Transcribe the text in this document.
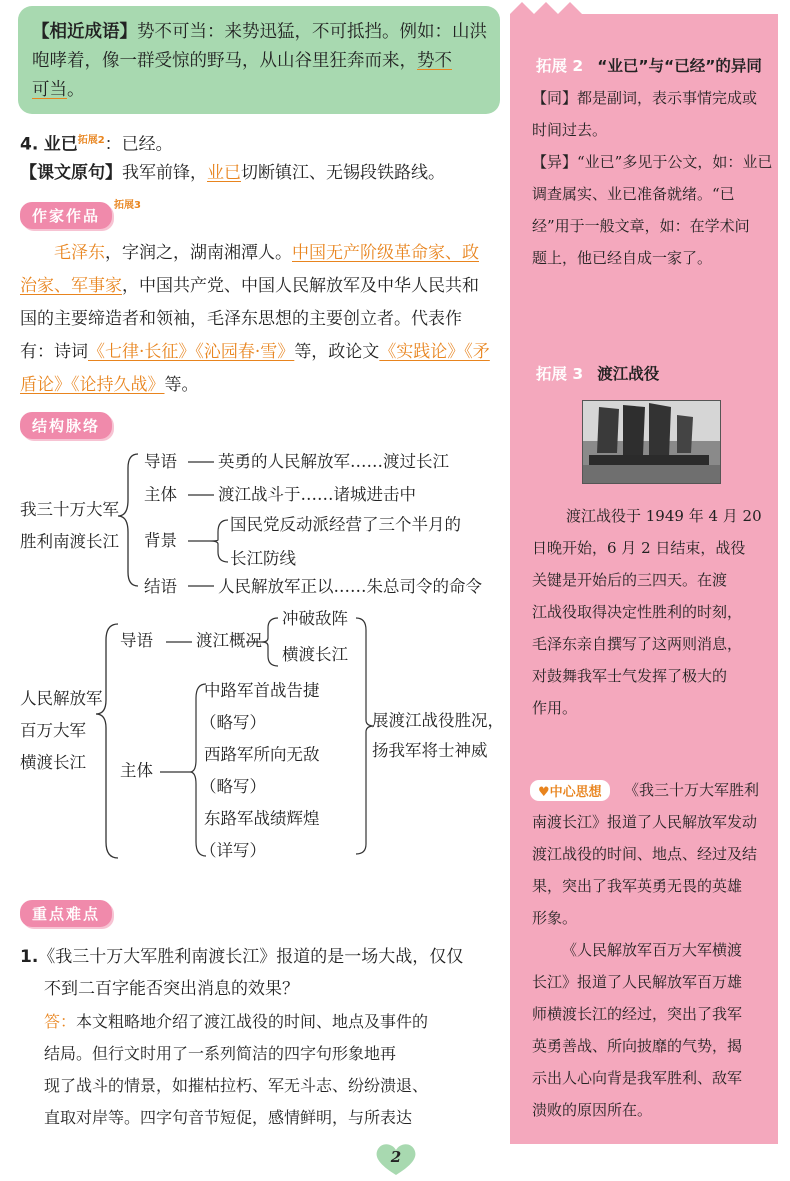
【相近成语】势不可当：来势迅猛，不可抵挡。例如：山洪
咆哮着，像一群受惊的野马，从山谷里狂奔而来，势不
可当。
4. 业已$^{拓展2}$：已经。
【课文原句】我军前锋，业已切断镇江、无锡段铁路线。
作家作品
拓展3
毛泽东，字润之，湖南湘潭人。中国无产阶级革命家、政
治家、军事家，中国共产党、中国人民解放军及中华人民共和
国的主要缔造者和领袖，毛泽东思想的主要创立者。代表作
有：诗词《七律·长征》《沁园春·雪》等，政论文《实践论》《矛
盾论》《论持久战》等。
结构脉络
我三十万大军
胜利南渡长江
导语 英勇的人民解放军……渡过长江
主体 渡江战斗于……诸城进击中
背景
国民党反动派经营了三个半月的
长江防线
结语 人民解放军正以……朱总司令的命令
人民解放军
百万大军
横渡长江
导语	渡江概况
冲破敌阵
横渡长江
主体
中路军首战告捷
（略写）
西路军所向无敌
（略写）
东路军战绩辉煌
（详写）
展渡江战役胜况，
扬我军将士神威
重点难点
1.《我三十万大军胜利南渡长江》报道的是一场大战，仅仅
不到二百字能否突出消息的效果？
答：本文粗略地介绍了渡江战役的时间、地点及事件的
结局。但行文时用了一系列简洁的四字句形象地再
现了战斗的情景，如摧枯拉朽、军无斗志、纷纷溃退、
直取对岸等。四字句音节短促，感情鲜明，与所表达
拓展 2 “业已”与“已经”的异同
【同】都是副词，表示事情完成或
时间过去。
【异】“业已”多见于公文，如：业已
调查属实、业已准备就绪。“已
经”用于一般文章，如：在学术问
题上，他已经自成一家了。
拓展 3 渡江战役
渡江战役于 1949 年 4 月 20
日晚开始，6 月 2 日结束，战役
关键是开始后的三四天。在渡
江战役取得决定性胜利的时刻，
毛泽东亲自撰写了这两则消息，
对鼓舞我军士气发挥了极大的
作用。
♥中心思想	《我三十万大军胜利
南渡长江》报道了人民解放军发动
渡江战役的时间、地点、经过及结
果，突出了我军英勇无畏的英雄
形象。
《人民解放军百万大军横渡
长江》报道了人民解放军百万雄
师横渡长江的经过，突出了我军
英勇善战、所向披靡的气势，揭
示出人心向背是我军胜利、敌军
溃败的原因所在。
2
